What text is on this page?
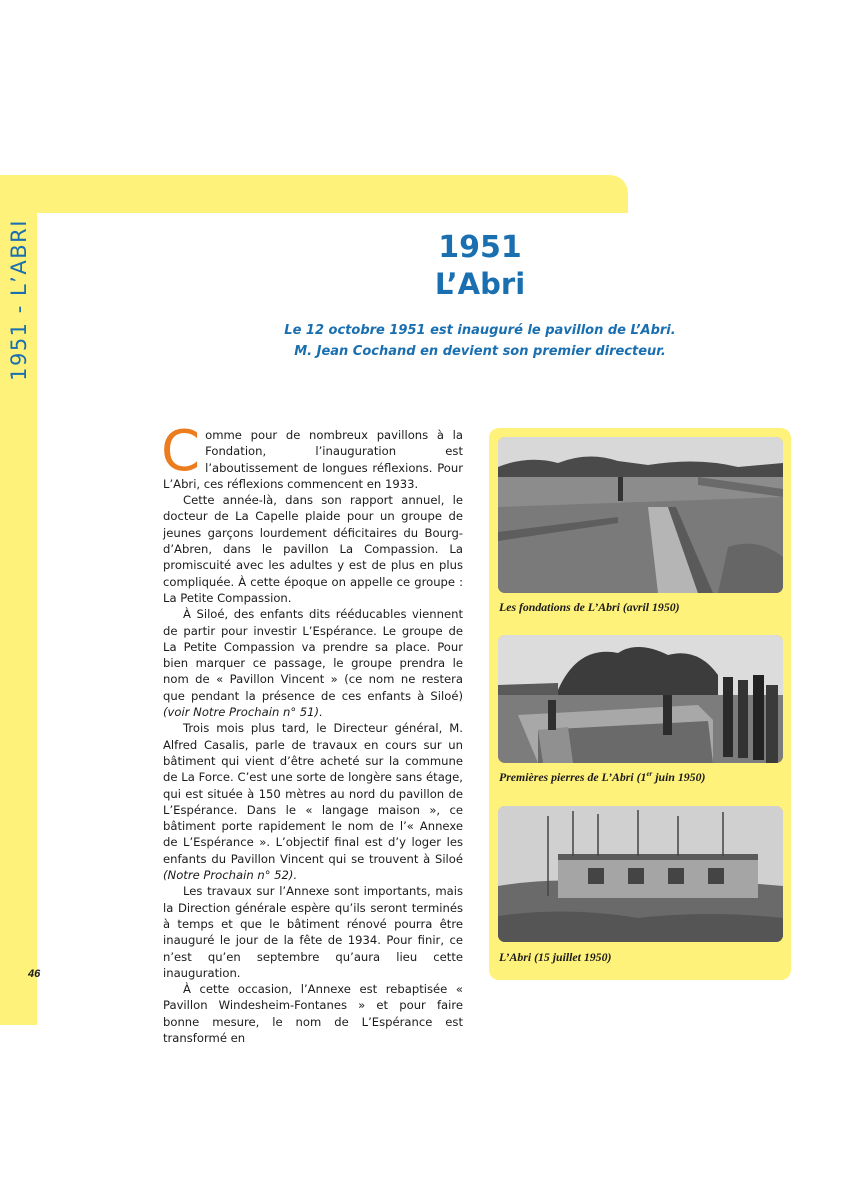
1951 - L’ABRI
46
1951
L’Abri
Le 12 octobre 1951 est inauguré le pavillon de L’Abri.
M. Jean Cochand en devient son premier directeur.

Comme pour de nombreux pavillons à la Fondation, l’inauguration est l’aboutissement de longues réflexions. Pour L’Abri, ces réflexions commencent en 1933.

Cette année-là, dans son rapport annuel, le docteur de La Capelle plaide pour un groupe de jeunes garçons lourdement déficitaires du Bourg-d’Abren, dans le pavillon La Compassion. La promiscuité avec les adultes y est de plus en plus compliquée. À cette époque on appelle ce groupe : La Petite Compassion.

À Siloé, des enfants dits rééducables viennent de partir pour investir L’Espérance. Le groupe de La Petite Compassion va prendre sa place. Pour bien marquer ce passage, le groupe prendra le nom de « Pavillon Vincent » (ce nom ne restera que pendant la présence de ces enfants à Siloé) (voir Notre Prochain n° 51).

Trois mois plus tard, le Directeur général, M. Alfred Casalis, parle de travaux en cours sur un bâtiment qui vient d’être acheté sur la commune de La Force. C’est une sorte de longère sans étage, qui est située à 150 mètres au nord du pavillon de L’Espérance. Dans le « langage maison », ce bâtiment porte rapidement le nom de l’« Annexe de L’Espérance ». L’objectif final est d’y loger les enfants du Pavillon Vincent qui se trouvent à Siloé (Notre Prochain n° 52).

Les travaux sur l’Annexe sont importants, mais la Direction générale espère qu’ils seront terminés à temps et que le bâtiment rénové pourra être inauguré le jour de la fête de 1934. Pour finir, ce n’est qu’en septembre qu’aura lieu cette inauguration.

À cette occasion, l’Annexe est rebaptisée « Pavillon Windesheim-Fontanes » et pour faire bonne mesure, le nom de L’Espérance est transformé en

Les fondations de L’Abri (avril 1950)
Premières pierres de L’Abri (1er juin 1950)
L’Abri (15 juillet 1950)
